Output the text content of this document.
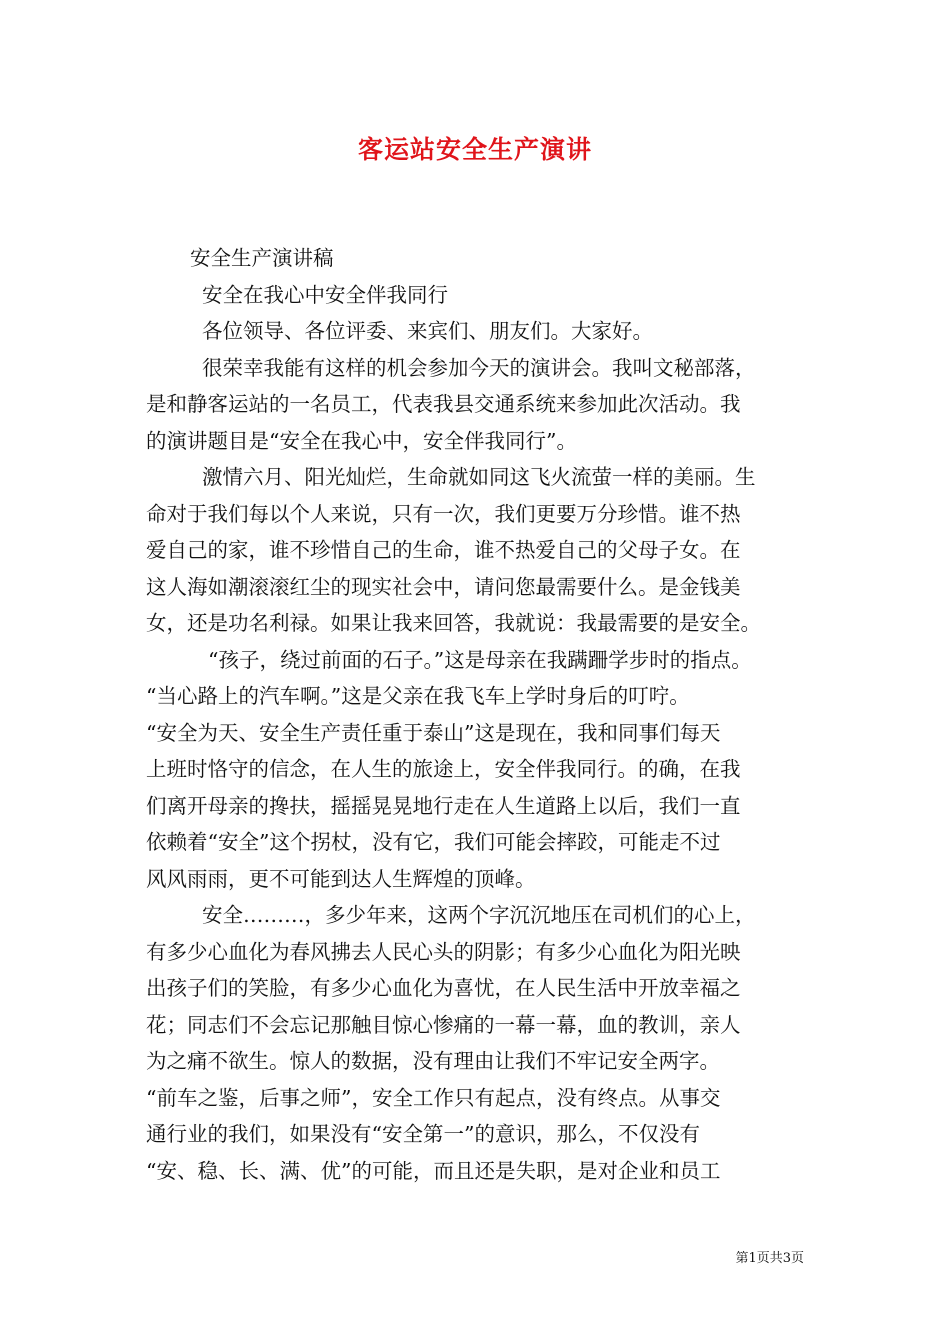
客运站安全生产演讲
安全生产演讲稿
安全在我心中安全伴我同行
各位领导、各位评委、来宾们、朋友们。大家好。
很荣幸我能有这样的机会参加今天的演讲会。我叫文秘部落，
是和静客运站的一名员工，代表我县交通系统来参加此次活动。我
的演讲题目是“安全在我心中，安全伴我同行”。
激情六月、阳光灿烂，生命就如同这飞火流萤一样的美丽。生
命对于我们每以个人来说，只有一次，我们更要万分珍惜。谁不热
爱自己的家，谁不珍惜自己的生命，谁不热爱自己的父母子女。在
这人海如潮滚滚红尘的现实社会中，请问您最需要什么。是金钱美
女，还是功名利禄。如果让我来回答，我就说：我最需要的是安全。
“孩子，绕过前面的石子。”这是母亲在我蹒跚学步时的指点。
“当心路上的汽车啊。”这是父亲在我飞车上学时身后的叮咛。
“安全为天、安全生产责任重于泰山”这是现在，我和同事们每天
上班时恪守的信念，在人生的旅途上，安全伴我同行。的确，在我
们离开母亲的搀扶，摇摇晃晃地行走在人生道路上以后，我们一直
依赖着“安全”这个拐杖，没有它，我们可能会摔跤，可能走不过
风风雨雨，更不可能到达人生辉煌的顶峰。
安全………，多少年来，这两个字沉沉地压在司机们的心上，
有多少心血化为春风拂去人民心头的阴影；有多少心血化为阳光映
出孩子们的笑脸，有多少心血化为喜忧，在人民生活中开放幸福之
花；同志们不会忘记那触目惊心惨痛的一幕一幕，血的教训，亲人
为之痛不欲生。惊人的数据，没有理由让我们不牢记安全两字。
“前车之鉴，后事之师”，安全工作只有起点，没有终点。从事交
通行业的我们，如果没有“安全第一”的意识，那么，不仅没有
“安、稳、长、满、优”的可能，而且还是失职，是对企业和员工
第1页共3页
